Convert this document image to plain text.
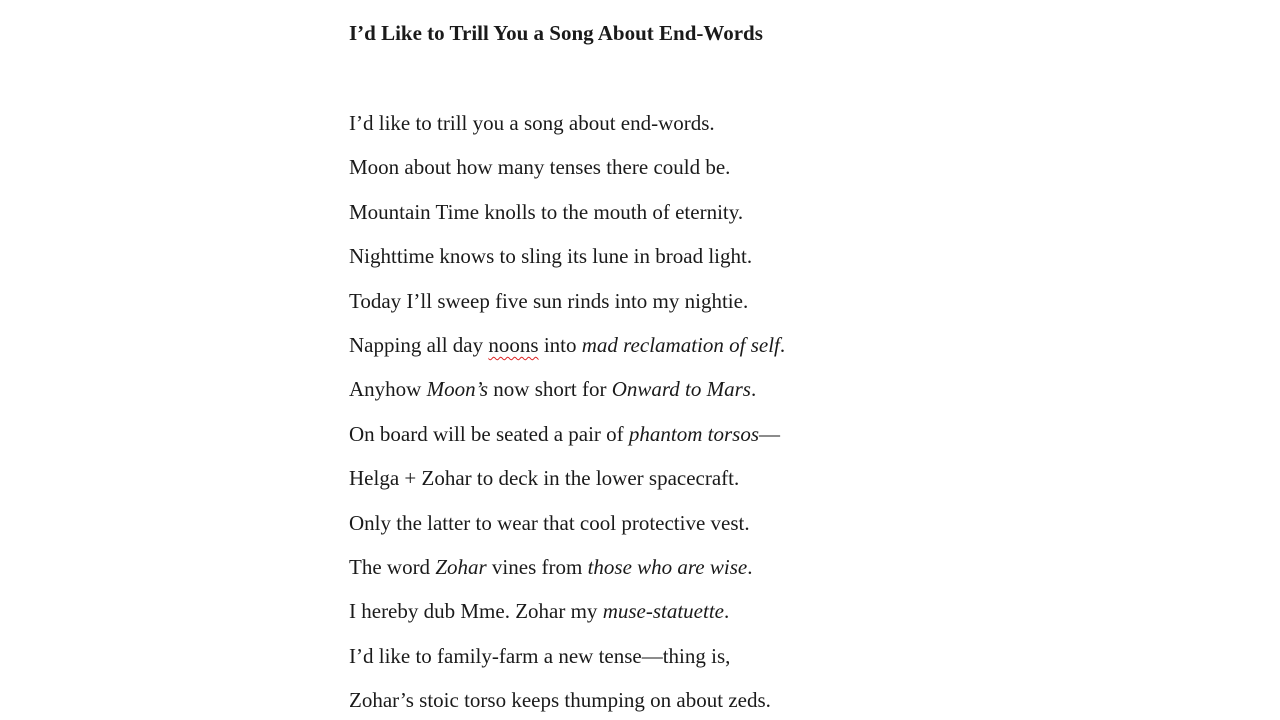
I’d Like to Trill You a Song About End-Words
I’d like to trill you a song about end-words.
Moon about how many tenses there could be.
Mountain Time knolls to the mouth of eternity.
Nighttime knows to sling its lune in broad light.
Today I’ll sweep five sun rinds into my nightie.
Napping all day noons into mad reclamation of self.
Anyhow Moon’s now short for Onward to Mars.
On board will be seated a pair of phantom torsos—
Helga + Zohar to deck in the lower spacecraft.
Only the latter to wear that cool protective vest.
The word Zohar vines from those who are wise.
I hereby dub Mme. Zohar my muse-statuette.
I’d like to family-farm a new tense—thing is,
Zohar’s stoic torso keeps thumping on about zeds.
